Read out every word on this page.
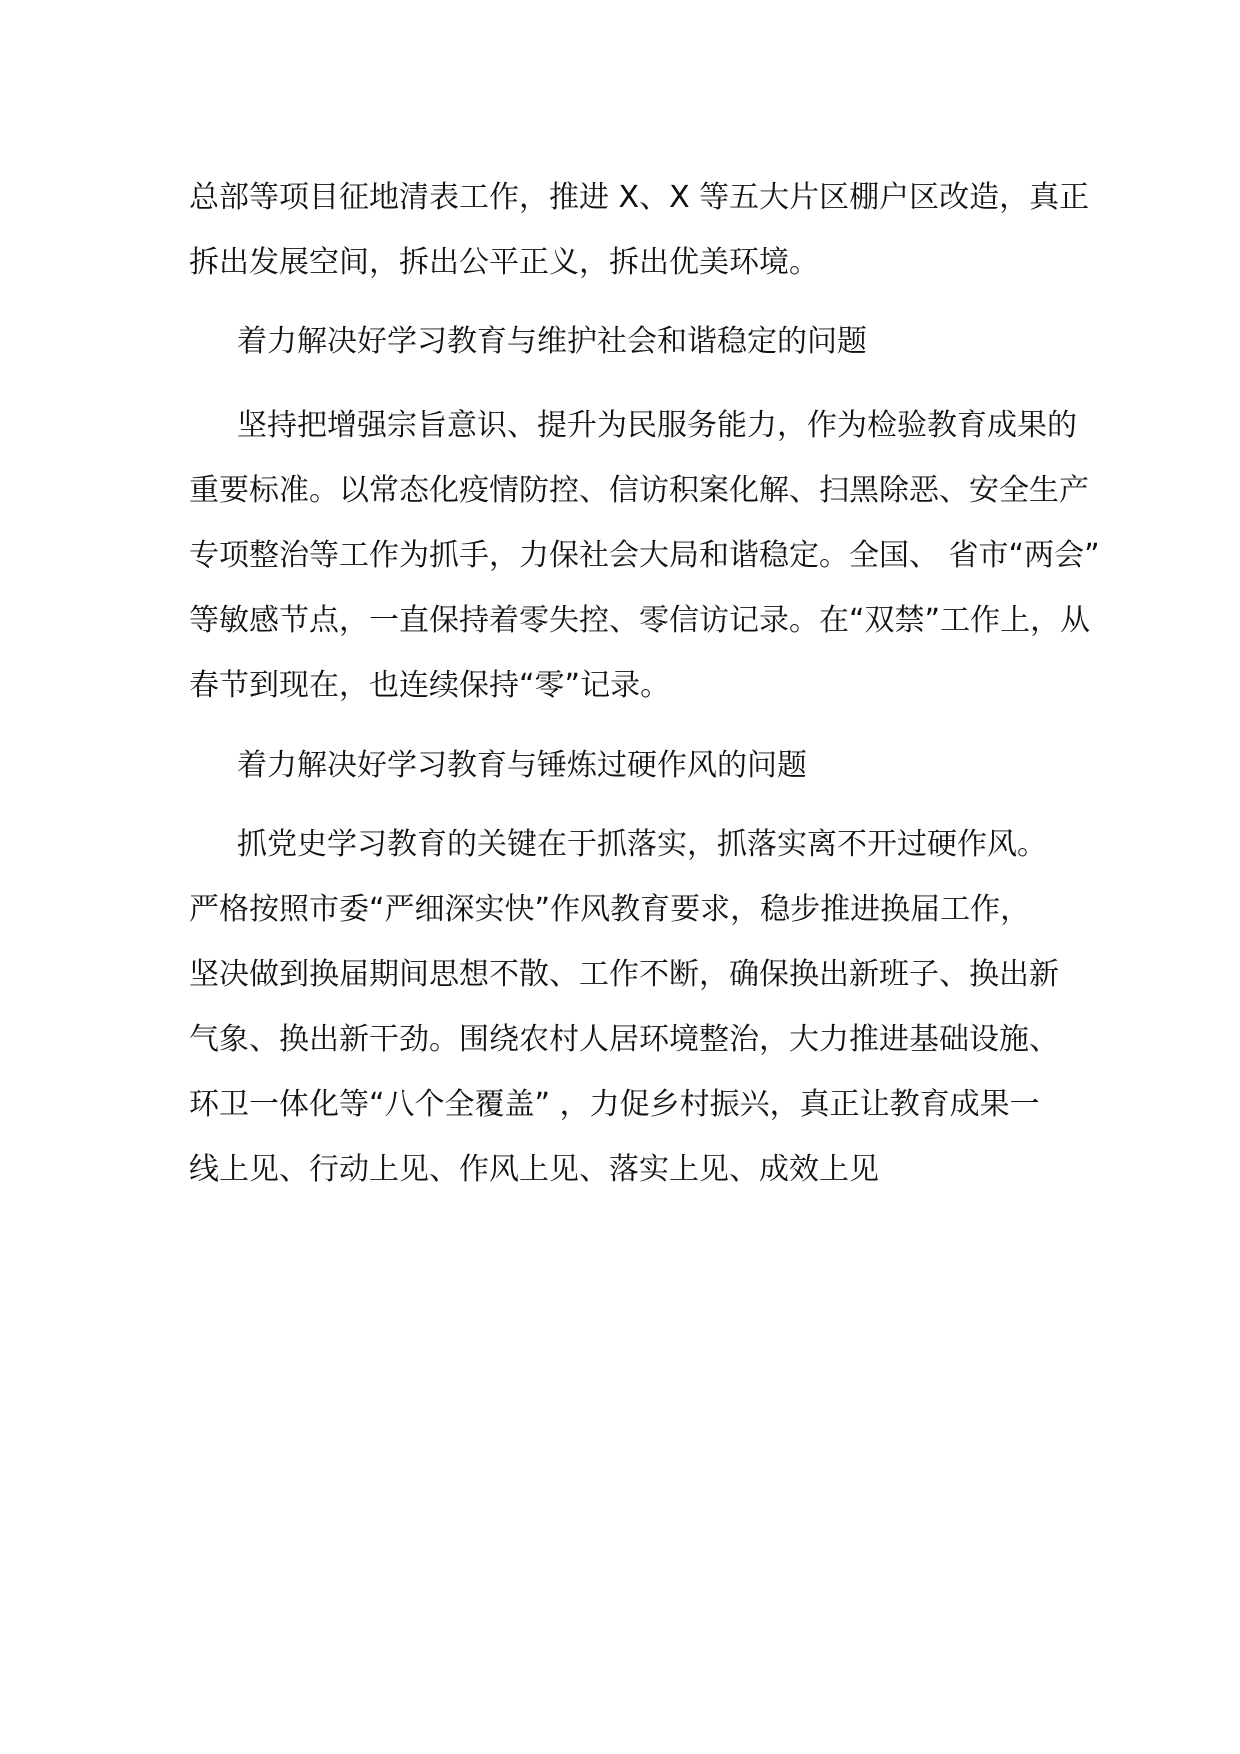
总部等项目征地清表工作，推进 X、X 等五大片区棚户区改造，真正
拆出发展空间，拆出公平正义，拆出优美环境。
着力解决好学习教育与维护社会和谐稳定的问题
坚持把增强宗旨意识、提升为民服务能力，作为检验教育成果的
重要标准。以常态化疫情防控、信访积案化解、扫黑除恶、安全生产
专项整治等工作为抓手，力保社会大局和谐稳定。全国、 省市“两会”
等敏感节点，一直保持着零失控、零信访记录。在“双禁”工作上，从
春节到现在，也连续保持“零”记录。
着力解决好学习教育与锤炼过硬作风的问题
抓党史学习教育的关键在于抓落实，抓落实离不开过硬作风。
严格按照市委“严细深实快”作风教育要求，稳步推进换届工作，
坚决做到换届期间思想不散、工作不断，确保换出新班子、换出新
气象、换出新干劲。围绕农村人居环境整治，大力推进基础设施、
环卫一体化等“八个全覆盖” ，力促乡村振兴，真正让教育成果一
线上见、行动上见、作风上见、落实上见、成效上见
